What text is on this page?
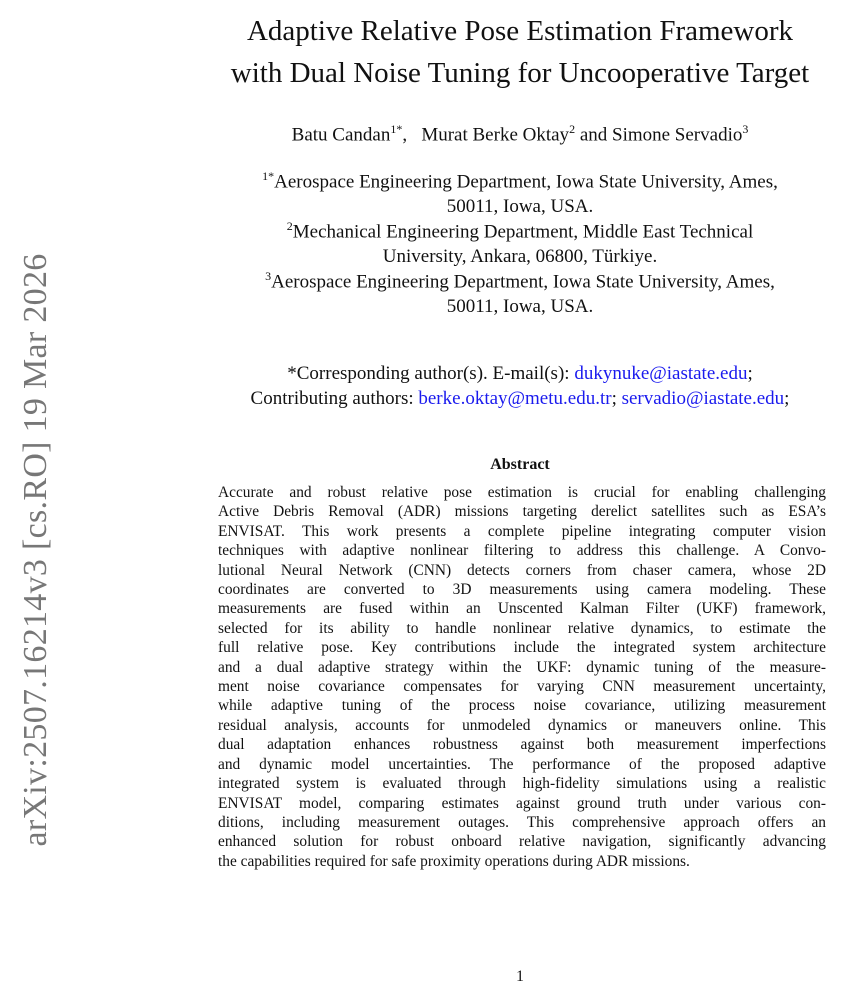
arXiv:2507.16214v3 [cs.RO] 19 Mar 2026
Adaptive Relative Pose Estimation Framework
with Dual Noise Tuning for Uncooperative Target
Batu Candan$^{1*}$, Murat Berke Oktay$^2$ and Simone Servadio$^3$
$^{1*}$Aerospace Engineering Department, Iowa State University, Ames,
50011, Iowa, USA.
$^2$Mechanical Engineering Department, Middle East Technical
University, Ankara, 06800, Türkiye.
$^3$Aerospace Engineering Department, Iowa State University, Ames,
50011, Iowa, USA.
*Corresponding author(s). E-mail(s): dukynuke@iastate.edu;
Contributing authors: berke.oktay@metu.edu.tr; servadio@iastate.edu;
Abstract
Accurate and robust relative pose estimation is crucial for enabling challenging
Active Debris Removal (ADR) missions targeting derelict satellites such as ESA’s
ENVISAT. This work presents a complete pipeline integrating computer vision
techniques with adaptive nonlinear filtering to address this challenge. A Convo-
lutional Neural Network (CNN) detects corners from chaser camera, whose 2D
coordinates are converted to 3D measurements using camera modeling. These
measurements are fused within an Unscented Kalman Filter (UKF) framework,
selected for its ability to handle nonlinear relative dynamics, to estimate the
full relative pose. Key contributions include the integrated system architecture
and a dual adaptive strategy within the UKF: dynamic tuning of the measure-
ment noise covariance compensates for varying CNN measurement uncertainty,
while adaptive tuning of the process noise covariance, utilizing measurement
residual analysis, accounts for unmodeled dynamics or maneuvers online. This
dual adaptation enhances robustness against both measurement imperfections
and dynamic model uncertainties. The performance of the proposed adaptive
integrated system is evaluated through high-fidelity simulations using a realistic
ENVISAT model, comparing estimates against ground truth under various con-
ditions, including measurement outages. This comprehensive approach offers an
enhanced solution for robust onboard relative navigation, significantly advancing
the capabilities required for safe proximity operations during ADR missions.
1
